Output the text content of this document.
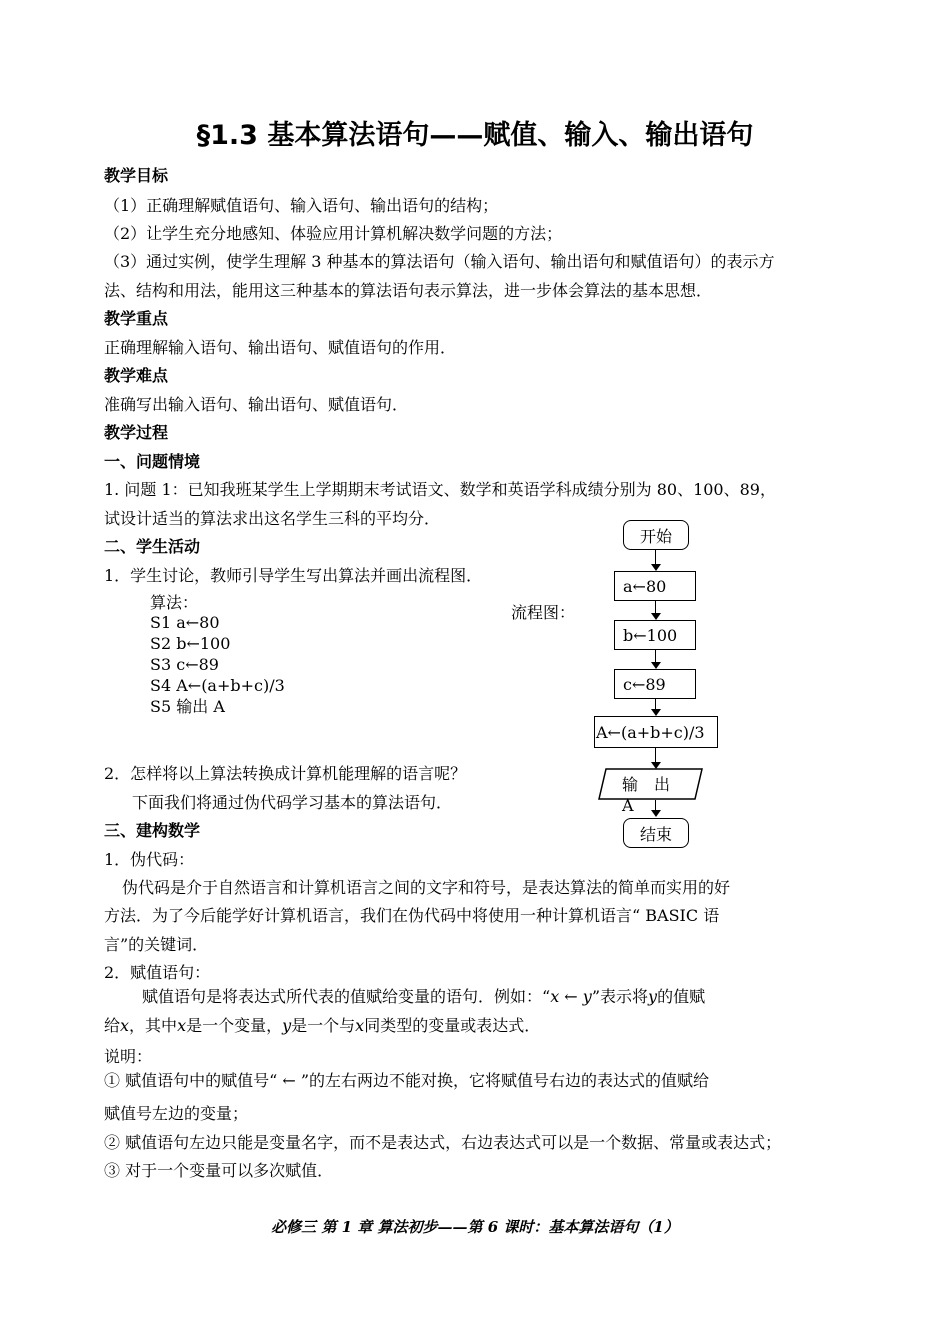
§1.3 基本算法语句——赋值、输入、输出语句
教学目标
（1）正确理解赋值语句、输入语句、输出语句的结构；
（2）让学生充分地感知、体验应用计算机解决数学问题的方法；
（3）通过实例，使学生理解 3 种基本的算法语句（输入语句、输出语句和赋值语句）的表示方
法、结构和用法，能用这三种基本的算法语句表示算法，进一步体会算法的基本思想．
教学重点
正确理解输入语句、输出语句、赋值语句的作用．
教学难点
准确写出输入语句、输出语句、赋值语句．
教学过程
一、问题情境
1. 问题 1：已知我班某学生上学期期末考试语文、数学和英语学科成绩分别为 80、100、89，
试设计适当的算法求出这名学生三科的平均分．
二、学生活动
1．学生讨论，教师引导学生写出算法并画出流程图．
算法：
S1 a←80
S2 b←100
S3 c←89
S4 A←(a+b+c)/3
S5 输出 A
2．怎样将以上算法转换成计算机能理解的语言呢？
下面我们将通过伪代码学习基本的算法语句．
三、建构数学
1．伪代码：
伪代码是介于自然语言和计算机语言之间的文字和符号，是表达算法的简单而实用的好
方法．为了今后能学好计算机语言，我们在伪代码中将使用一种计算机语言“ BASIC 语
言”的关键词．
2．赋值语句：
赋值语句是将表达式所代表的值赋给变量的语句．例如：“x ← y”表示将y的值赋
给x，其中x是一个变量，y是一个与x同类型的变量或表达式．
说明：
① 赋值语句中的赋值号“ ← ”的左右两边不能对换，它将赋值号右边的表达式的值赋给
赋值号左边的变量；
② 赋值语句左边只能是变量名字，而不是表达式，右边表达式可以是一个数据、常量或表达式；
③ 对于一个变量可以多次赋值．
流程图：
开始
a←80
b←100
c←89
A←(a+b+c)/3
输　出
A
结束
必修三 第 1 章 算法初步——第 6 课时：基本算法语句（1）
